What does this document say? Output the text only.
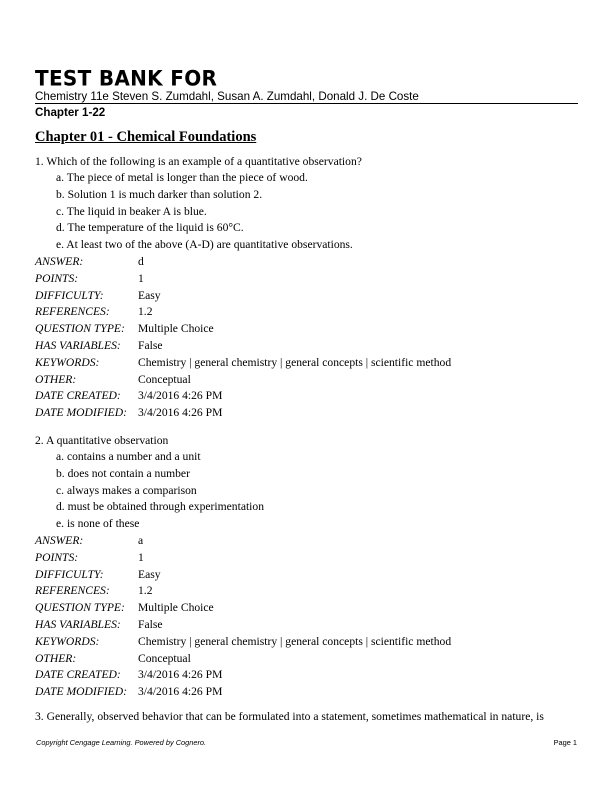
TEST BANK FOR
Chemistry 11e Steven S. Zumdahl, Susan A. Zumdahl, Donald J. De Coste
Chapter 1-22
Chapter 01 - Chemical Foundations
1. Which of the following is an example of a quantitative observation?
a. The piece of metal is longer than the piece of wood.
b. Solution 1 is much darker than solution 2.
c. The liquid in beaker A is blue.
d. The temperature of the liquid is 60°C.
e. At least two of the above (A-D) are quantitative observations.
ANSWER:	d
POINTS:	1
DIFFICULTY:	Easy
REFERENCES:	1.2
QUESTION TYPE:	Multiple Choice
HAS VARIABLES:	False
KEYWORDS:	Chemistry | general chemistry | general concepts | scientific method
OTHER:	Conceptual
DATE CREATED:	3/4/2016 4:26 PM
DATE MODIFIED: 3/4/2016 4:26 PM
2. A quantitative observation
a. contains a number and a unit
b. does not contain a number
c. always makes a comparison
d. must be obtained through experimentation
e. is none of these
ANSWER:	a
POINTS:	1
DIFFICULTY:	Easy
REFERENCES:	1.2
QUESTION TYPE:	Multiple Choice
HAS VARIABLES:	False
KEYWORDS:	Chemistry | general chemistry | general concepts | scientific method
OTHER:	Conceptual
DATE CREATED:	3/4/2016 4:26 PM
DATE MODIFIED: 3/4/2016 4:26 PM
3. Generally, observed behavior that can be formulated into a statement, sometimes mathematical in nature, is
Copyright Cengage Learning. Powered by Cognero.	Page 1
